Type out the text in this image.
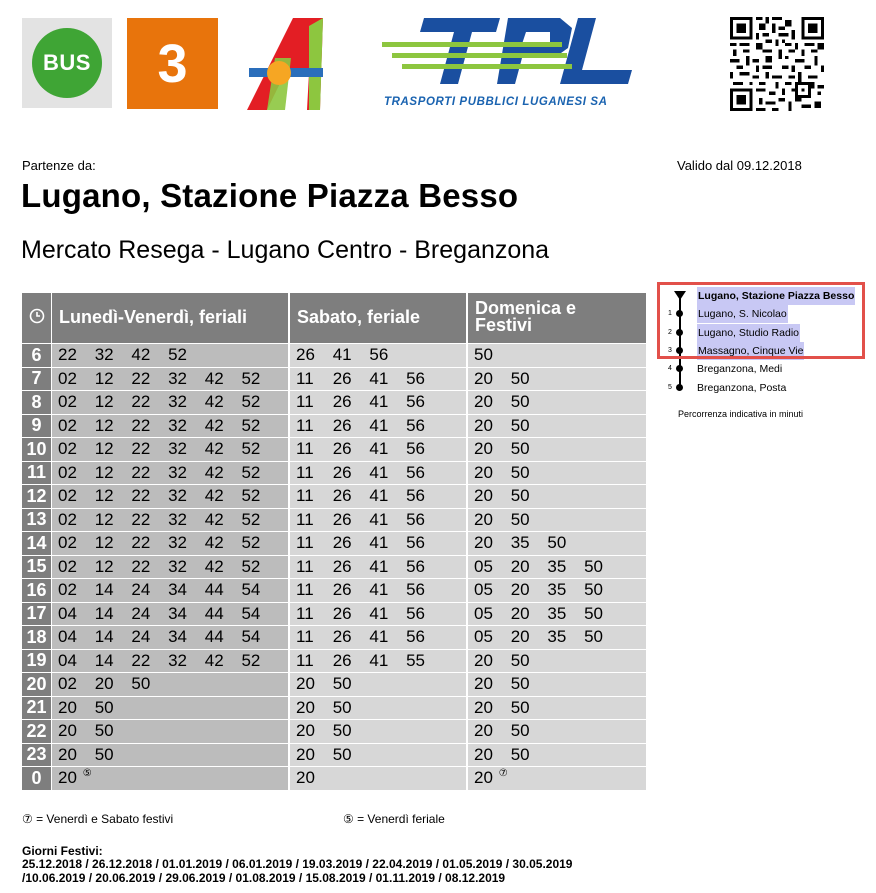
BUS	3
TRASPORTI PUBBLICI LUGANESI SA
Partenze da:	Valido dal 09.12.2018
Lugano, Stazione Piazza Besso
Mercato Resega - Lugano Centro - Breganzona
Lunedì-Venerdì, feriali	Sabato, feriale	Domenica e Festivi
6 22 32 42 52	26 41 56	50
7 02 12 22 32 42 52	11 26 41 56	20 50
8 02 12 22 32 42 52	11 26 41 56	20 50
9 02 12 22 32 42 52	11 26 41 56	20 50
10 02 12 22 32 42 52	11 26 41 56	20 50
11 02 12 22 32 42 52	11 26 41 56	20 50
12 02 12 22 32 42 52	11 26 41 56	20 50
13 02 12 22 32 42 52	11 26 41 56	20 50
14 02 12 22 32 42 52	11 26 41 56	20 35 50
15 02 12 22 32 42 52	11 26 41 56	05 20 35 50
16 02 14 24 34 44 54	11 26 41 56	05 20 35 50
17 04 14 24 34 44 54	11 26 41 56	05 20 35 50
18 04 14 24 34 44 54	11 26 41 56	05 20 35 50
19 04 14 22 32 42 52	11 26 41 55	20 50
20 02 20 50	20 50	20 50
21 20 50	20 50	20 50
22 20 50	20 50	20 50
23 20 50	20 50	20 50
0 20 ⑤	20	20 ⑦
Lugano, Stazione Piazza Besso
1 Lugano, S. Nicolao
2 Lugano, Studio Radio
3 Massagno, Cinque Vie
4 Breganzona, Medi
5 Breganzona, Posta
Percorrenza indicativa in minuti
⑦ = Venerdì e Sabato festivi	⑤ = Venerdì feriale
Giorni Festivi:
25.12.2018 / 26.12.2018 / 01.01.2019 / 06.01.2019 / 19.03.2019 / 22.04.2019 / 01.05.2019 / 30.05.2019
/10.06.2019 / 20.06.2019 / 29.06.2019 / 01.08.2019 / 15.08.2019 / 01.11.2019 / 08.12.2019
